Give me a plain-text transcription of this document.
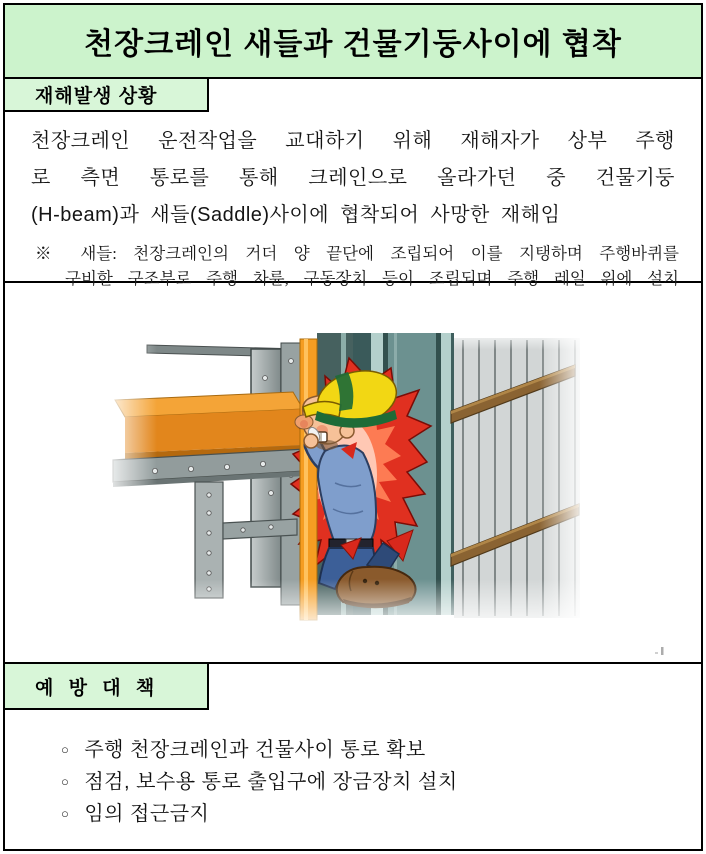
천장크레인 새들과 건물기둥사이에 협착
재해발생 상황
천장크레인 운전작업을 교대하기 위해 재해자가 상부 주행
로 측면 통로를 통해 크레인으로 올라가던 중 건물기둥
(H-beam)과 새들(Saddle)사이에 협착되어 사망한 재해임
※ 새들: 천장크레인의 거더 양 끝단에 조립되어 이를 지탱하며 주행바퀴를
구비한 구조부로 주행 차륜, 구동장치 등이 조립되며 주행 레일 위에 설치
예 방 대 책
○ 주행 천장크레인과 건물사이 통로 확보
○ 점검, 보수용 통로 출입구에 장금장치 설치
○ 임의 접근금지
